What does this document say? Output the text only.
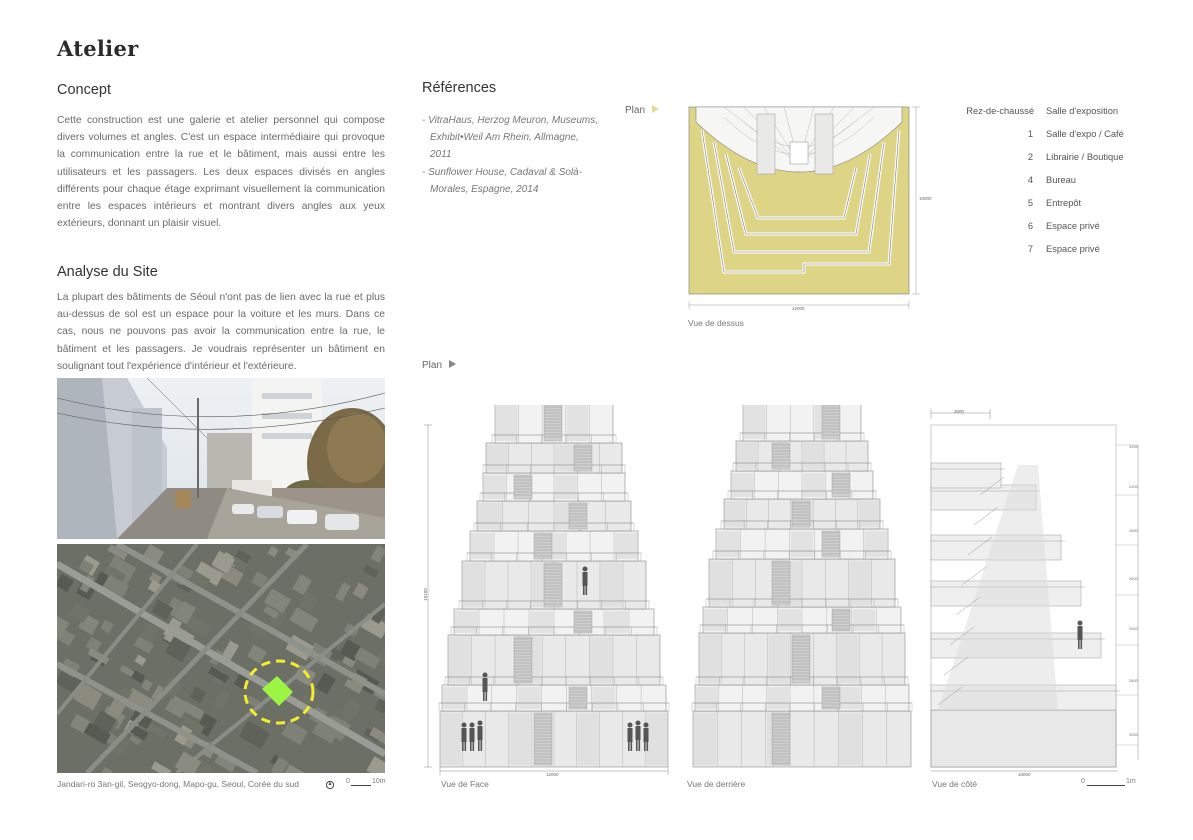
Atelier
Concept
Cette construction est une galerie et atelier personnel qui compose divers volumes et angles. C'est un espace intermédiaire qui provoque la communication entre la rue et le bâtiment, mais aussi entre les utilisateurs et les passagers. Les deux espaces divisés en angles différents pour chaque étage exprimant visuellement la communication entre les espaces intérieurs et montrant divers angles aux yeux extérieurs, donnant un plaisir visuel.
Analyse du Site
La plupart des bâtiments de Séoul n'ont pas de lien avec la rue et plus au-dessus de sol est un espace pour la voiture et les murs. Dans ce cas, nous ne pouvons pas avoir la communication entre la rue, le bâtiment et les passagers. Je voudrais représenter un bâtiment en soulignant tout l'expérience d'intérieur et l'extérieure.
Jandari-ro 3an-gil, Seogyo-dong, Mapo-gu, Seoul, Corée du sud	0	10m
Références
- VitraHaus, Herzog Meuron, Museums, Exhibit•Weil Am Rhein, Allmagne, 2011
- Sunflower House, Cadaval & Solà-Morales, Espagne, 2014
Plan
12000
10000
Vue de dessus
Rez-de-chaussé Salle d'exposition
1 Salle d'expo / Café
2 Librairie / Boutique
4 Bureau
5 Entrepôt
6 Espace privé
7 Espace privé
Plan
19100
12000
3000
10000
3300
2400
2850
2800
2800
2800
3000
Vue de Face	Vue de derrière	Vue de côté	0	1m
